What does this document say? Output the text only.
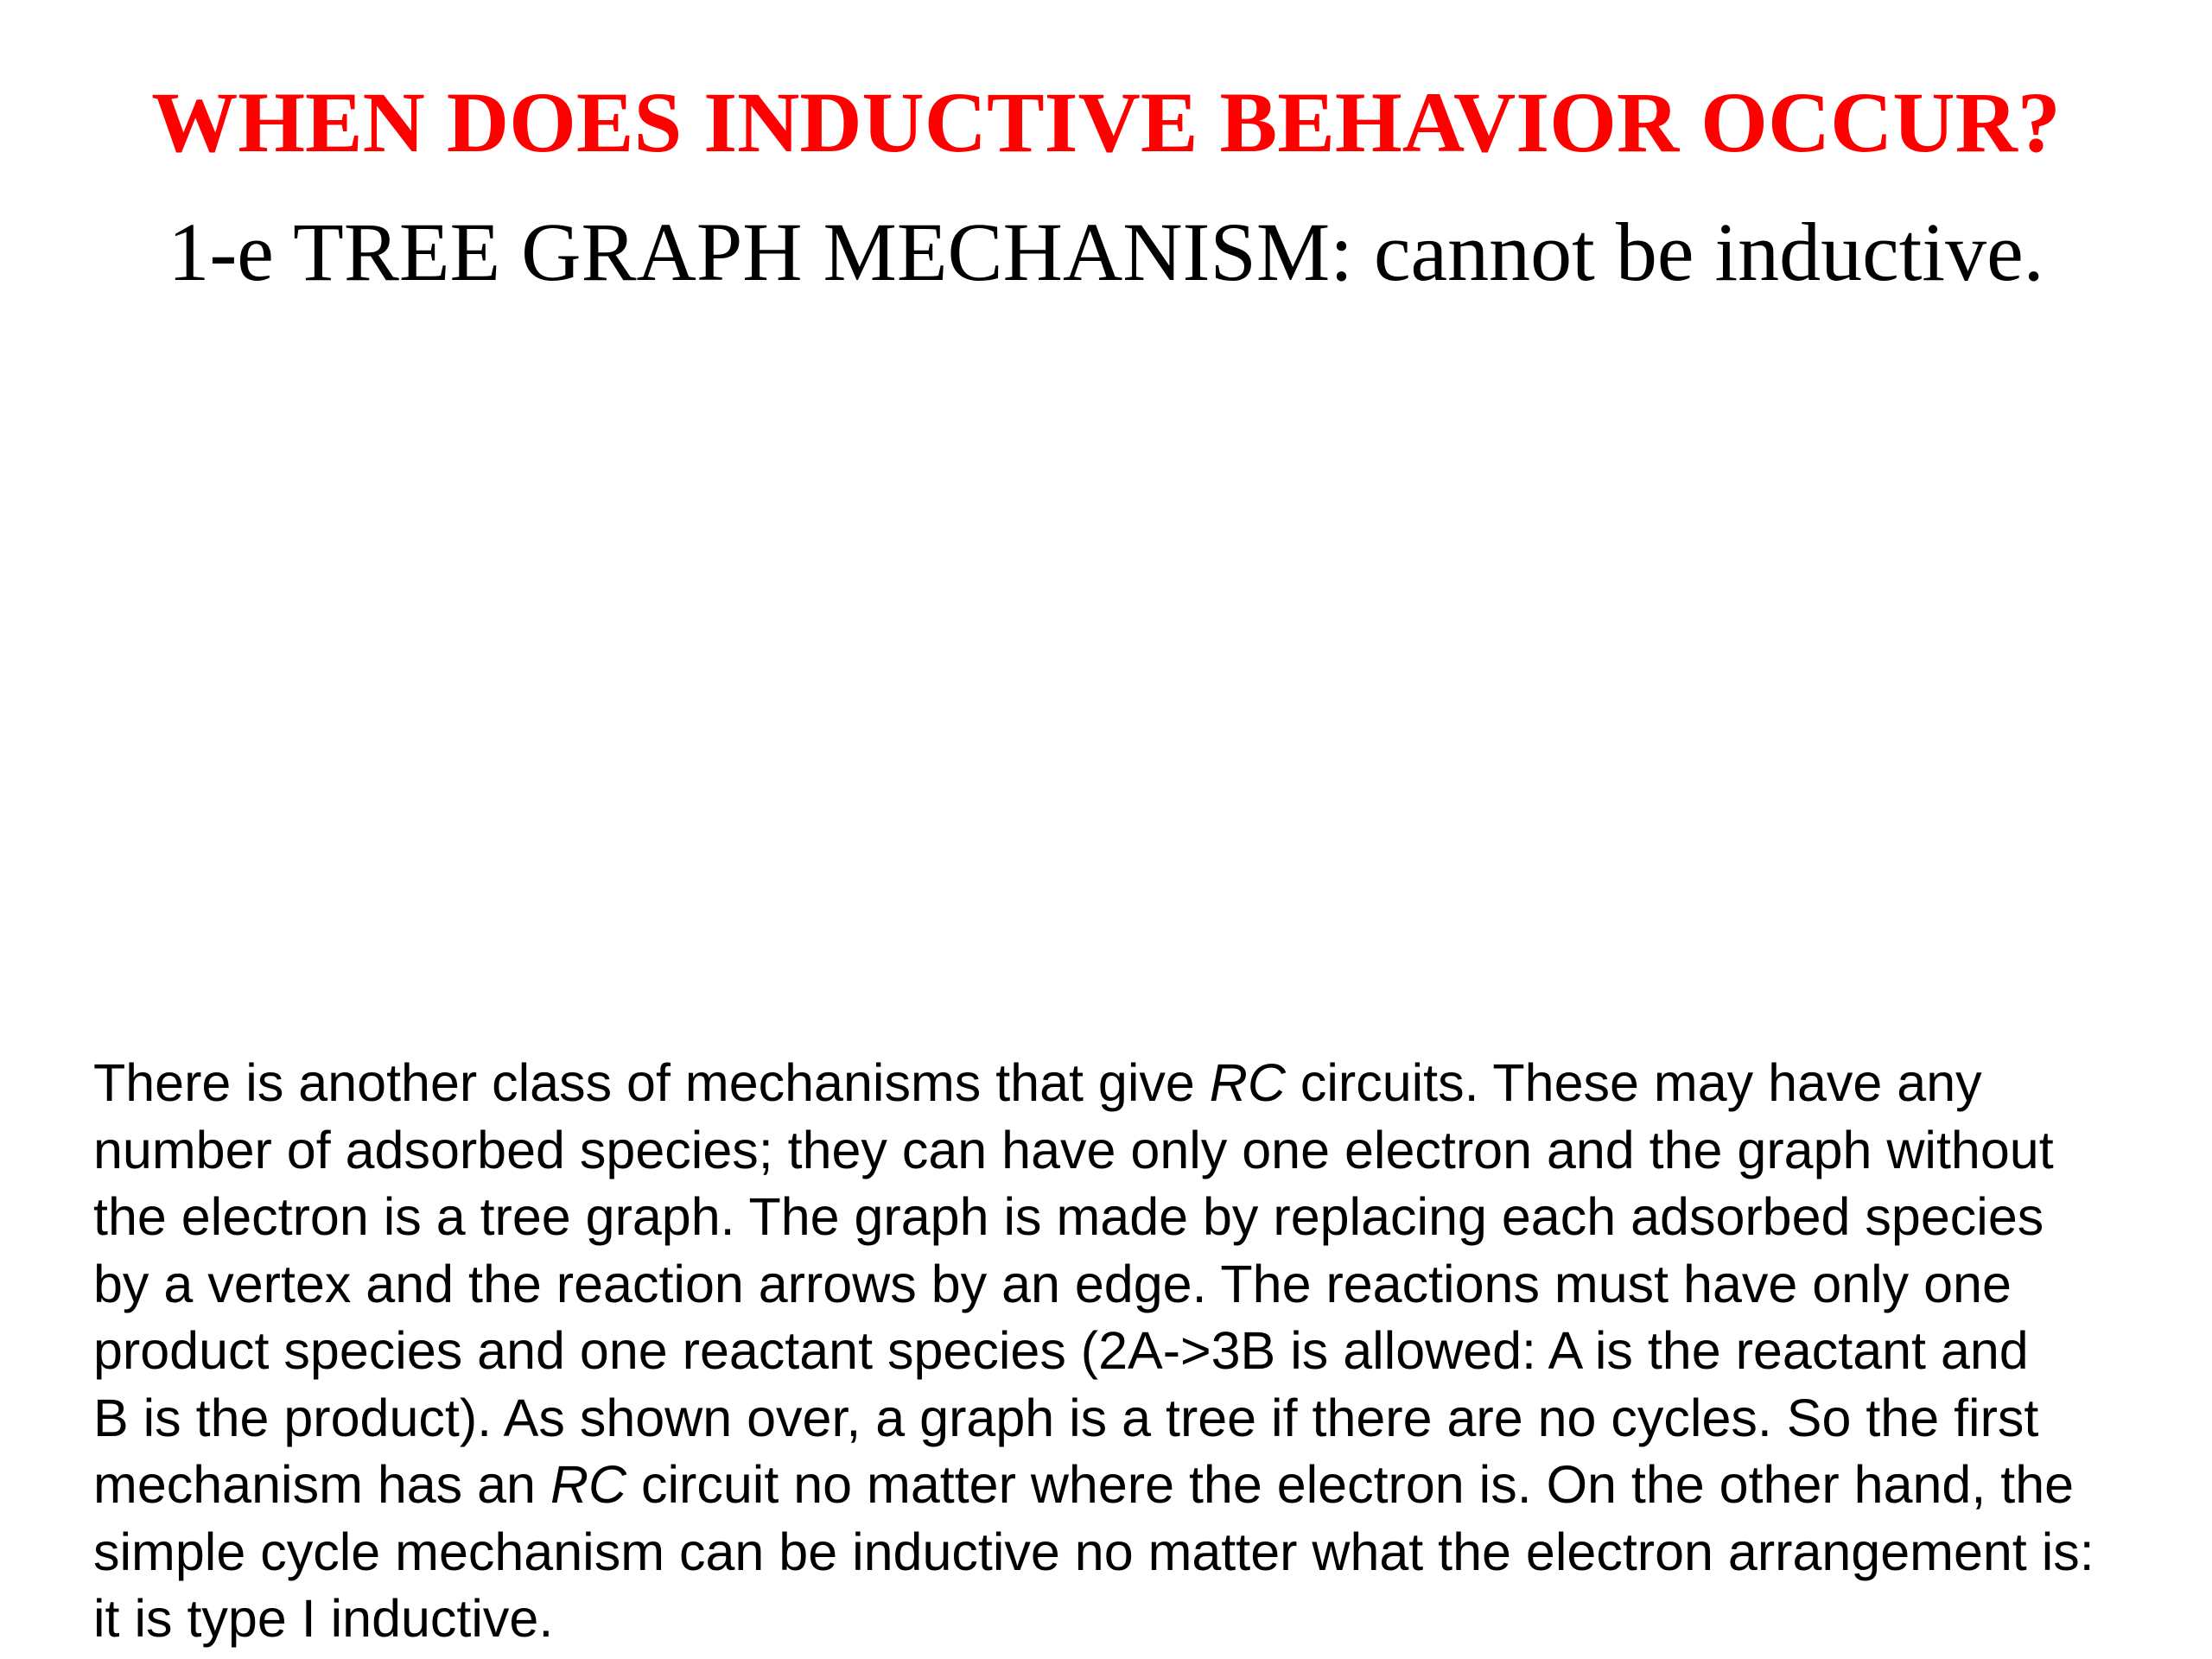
WHEN DOES INDUCTIVE BEHAVIOR OCCUR?
1-e TREE GRAPH MECHANISM: cannot be inductive.

There is another class of mechanisms that give RC circuits. These may have any
number of adsorbed species; they can have only one electron and the graph without
the electron is a tree graph. The graph is made by replacing each adsorbed species
by a vertex and the reaction arrows by an edge. The reactions must have only one
product species and one reactant species (2A->3B is allowed: A is the reactant and
B is the product). As shown over, a graph is a tree if there are no cycles. So the first
mechanism has an RC circuit no matter where the electron is. On the other hand, the
simple cycle mechanism can be inductive no matter what the electron arrangement is:
it is type I inductive.
